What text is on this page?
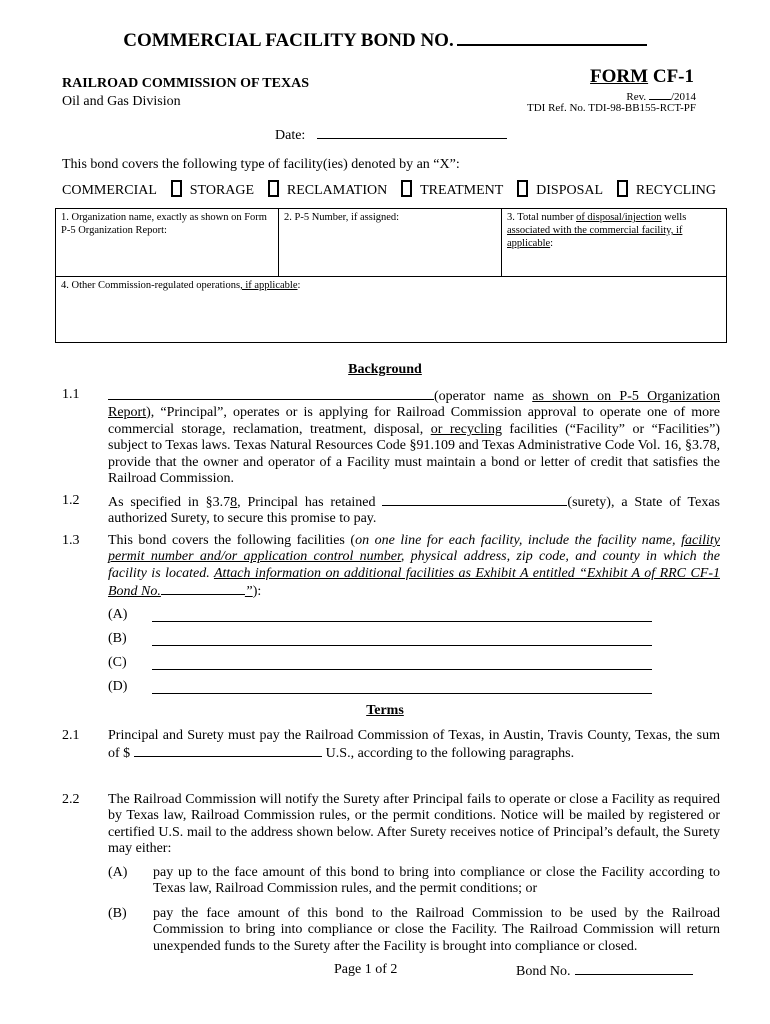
COMMERCIAL FACILITY BOND NO.
RAILROAD COMMISSION OF TEXAS
Oil and Gas Division
FORM CF-1
Rev. /2014
TDI Ref. No. TDI-98-BB155-RCT-PF
Date:
This bond covers the following type of facility(ies) denoted by an “X”:
COMMERCIAL STORAGE RECLAMATION TREATMENT DISPOSAL RECYCLING
1. Organization name, exactly as shown on Form P-5 Organization Report:	2. P-5 Number, if assigned:	3. Total number of disposal/injection wells associated with the commercial facility, if applicable:
4. Other Commission-regulated operations, if applicable:
Background
1.1	(operator name as shown on P-5 Organization Report), “Principal”, operates or is applying for Railroad Commission approval to operate one of more commercial storage, reclamation, treatment, disposal, or recycling facilities (“Facility” or “Facilities”) subject to Texas laws. Texas Natural Resources Code §91.109 and Texas Administrative Code Vol. 16, §3.78, provide that the owner and operator of a Facility must maintain a bond or letter of credit that satisfies the Railroad Commission.
1.2 As specified in §3.78, Principal has retained	(surety), a State of Texas authorized Surety, to secure this promise to pay.
1.3 This bond covers the following facilities (on one line for each facility, include the facility name, facility permit number and/or application control number, physical address, zip code, and county in which the facility is located. Attach information on additional facilities as Exhibit A entitled “Exhibit A of RRC CF-1 Bond No.	”):
(A)
(B)
(C)
(D)
Terms
2.1 Principal and Surety must pay the Railroad Commission of Texas, in Austin, Travis County, Texas, the sum of $	U.S., according to the following paragraphs.
2.2 The Railroad Commission will notify the Surety after Principal fails to operate or close a Facility as required by Texas law, Railroad Commission rules, or the permit conditions. Notice will be mailed by registered or certified U.S. mail to the address shown below. After Surety receives notice of Principal’s default, the Surety may either:
(A) pay up to the face amount of this bond to bring into compliance or close the Facility according to Texas law, Railroad Commission rules, and the permit conditions; or
(B) pay the face amount of this bond to the Railroad Commission to be used by the Railroad Commission to bring into compliance or close the Facility. The Railroad Commission will return unexpended funds to the Surety after the Facility is brought into compliance or closed.
Page 1 of 2	Bond No.
